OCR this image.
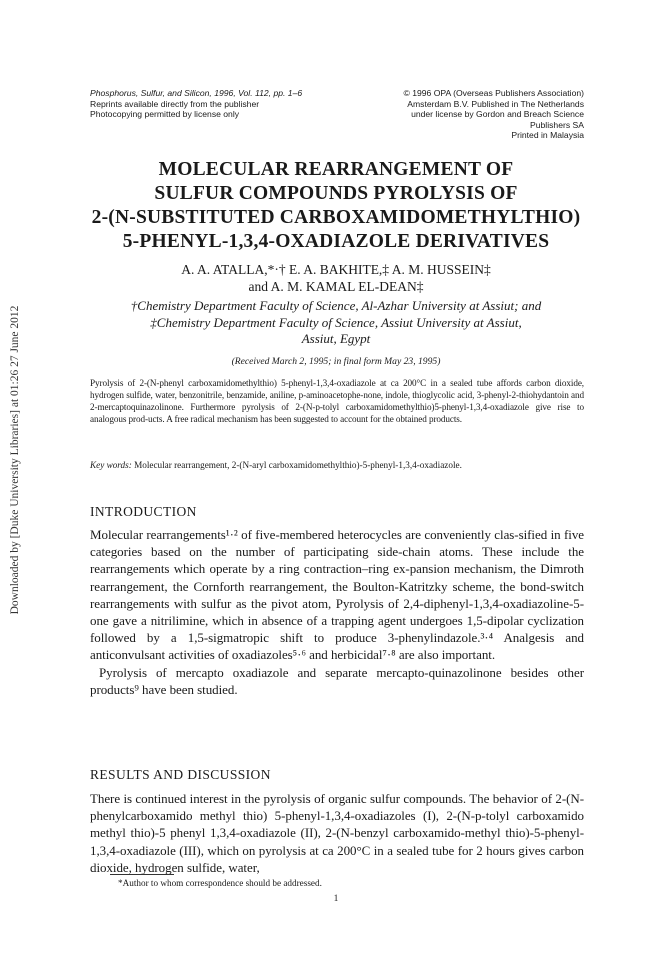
Downloaded by [Duke University Libraries] at 01:26 27 June 2012
Phosphorus, Sulfur, and Silicon, 1996, Vol. 112, pp. 1–6
Reprints available directly from the publisher
Photocopying permitted by license only
© 1996 OPA (Overseas Publishers Association)
Amsterdam B.V. Published in The Netherlands
under license by Gordon and Breach Science
Publishers SA
Printed in Malaysia
MOLECULAR REARRANGEMENT OF
SULFUR COMPOUNDS PYROLYSIS OF
2-(N-SUBSTITUTED CARBOXAMIDOMETHYLTHIO)
5-PHENYL-1,3,4-OXADIAZOLE DERIVATIVES
A. A. ATALLA,*·† E. A. BAKHITE,‡ A. M. HUSSEIN‡
and A. M. KAMAL EL-DEAN‡
†Chemistry Department Faculty of Science, Al-Azhar University at Assiut; and
‡Chemistry Department Faculty of Science, Assiut University at Assiut,
Assiut, Egypt
(Received March 2, 1995; in final form May 23, 1995)
Pyrolysis of 2-(N-phenyl carboxamidomethylthio) 5-phenyl-1,3,4-oxadiazole at ca 200°C in a sealed tube affords carbon dioxide, hydrogen sulfide, water, benzonitrile, benzamide, aniline, p-aminoacetophe-none, indole, thioglycolic acid, 3-phenyl-2-thiohydantoin and 2-mercaptoquinazolinone. Furthermore pyrolysis of 2-(N-p-tolyl carboxamidomethylthio)5-phenyl-1,3,4-oxadiazole give rise to analogous prod-ucts. A free radical mechanism has been suggested to account for the obtained products.
Key words: Molecular rearrangement, 2-(N-aryl carboxamidomethylthio)-5-phenyl-1,3,4-oxadiazole.
INTRODUCTION

Molecular rearrangements¹·² of five-membered heterocycles are conveniently clas-sified in five categories based on the number of participating side-chain atoms. These include the rearrangements which operate by a ring contraction–ring ex-pansion mechanism, the Dimroth rearrangement, the Cornforth rearrangement, the Boulton-Katritzky scheme, the bond-switch rearrangements with sulfur as the pivot atom, Pyrolysis of 2,4-diphenyl-1,3,4-oxadiazoline-5-one gave a nitrilimine, which in absence of a trapping agent undergoes 1,5-dipolar cyclization followed by a 1,5-sigmatropic shift to produce 3-phenylindazole.³·⁴ Analgesis and anticonvulsant activities of oxadiazoles⁵·⁶ and herbicidal⁷·⁸ are also important.

Pyrolysis of mercapto oxadiazole and separate mercapto-quinazolinone besides other products⁹ have been studied.

RESULTS AND DISCUSSION

There is continued interest in the pyrolysis of organic sulfur compounds. The behavior of 2-(N-phenylcarboxamido methyl thio) 5-phenyl-1,3,4-oxadiazoles (I), 2-(N-p-tolyl carboxamido methyl thio)-5 phenyl 1,3,4-oxadiazole (II), 2-(N-benzyl carboxamido-methyl thio)-5-phenyl-1,3,4-oxadiazole (III), which on pyrolysis at ca 200°C in a sealed tube for 2 hours gives carbon dioxide, hydrogen sulfide, water,

*Author to whom correspondence should be addressed.
1
